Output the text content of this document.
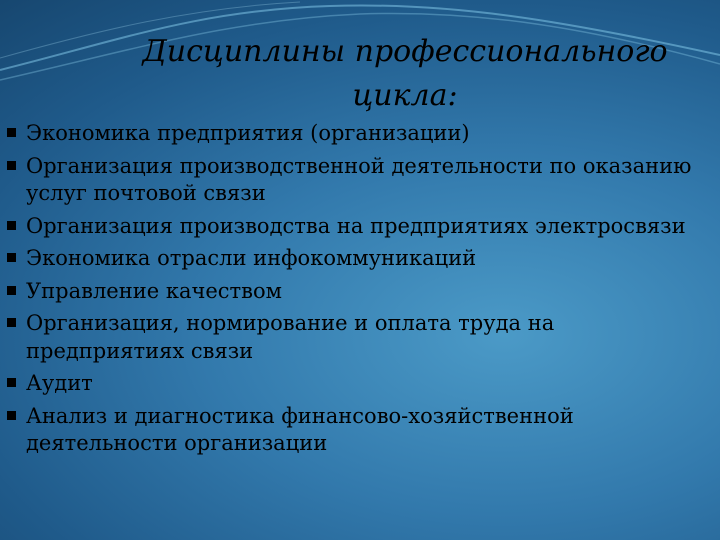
Дисциплины профессионального
цикла:
Экономика предприятия (организации)
Организация производственной деятельности по оказанию услуг почтовой связи
Организация производства на предприятиях электросвязи
Экономика отрасли инфокоммуникаций
Управление качеством
Организация, нормирование и оплата труда на предприятиях связи
Аудит
Анализ и диагностика финансово-хозяйственной деятельности организации
